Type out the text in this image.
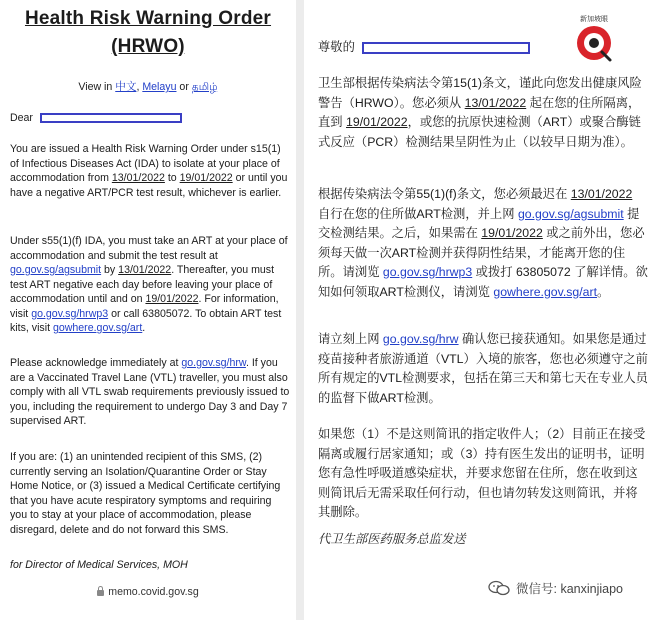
Health Risk Warning Order
(HRWO)
View in 中文, Melayu or தமிழ்
Dear
You are issued a Health Risk Warning Order under s15(1) of Infectious Diseases Act (IDA) to isolate at your place of accommodation from 13/01/2022 to 19/01/2022 or until you have a negative ART/PCR test result, whichever is earlier.
Under s55(1)(f) IDA, you must take an ART at your place of accommodation and submit the test result at go.gov.sg/agsubmit by 13/01/2022. Thereafter, you must test ART negative each day before leaving your place of accommodation until and on 19/01/2022. For information, visit go.gov.sg/hrwp3 or call 63805072. To obtain ART test kits, visit gowhere.gov.sg/art.
Please acknowledge immediately at go.gov.sg/hrw. If you are a Vaccinated Travel Lane (VTL) traveller, you must also comply with all VTL swab requirements previously issued to you, including the requirement to undergo Day 3 and Day 7 supervised ART.
If you are: (1) an unintended recipient of this SMS, (2) currently serving an Isolation/Quarantine Order or Stay Home Notice, or (3) issued a Medical Certificate certifying that you have acute respiratory symptoms and requiring you to stay at your place of accommodation, please disregard, delete and do not forward this SMS.
for Director of Medical Services, MOH
memo.covid.gov.sg
尊敬的
卫生部根据传染病法令第15(1)条文，谨此向您发出健康风险警告（HRWO）。您必须从 13/01/2022 起在您的住所隔离，直到 19/01/2022，或您的抗原快速检测（ART）或聚合酶链式反应（PCR）检测结果呈阴性为止（以较早日期为准）。
根据传染病法令第55(1)(f)条文，您必须最迟在 13/01/2022 自行在您的住所做ART检测，并上网 go.gov.sg/agsubmit 提交检测结果。之后，如果需在 19/01/2022 或之前外出，您必须每天做一次ART检测并获得阴性结果，才能离开您的住所。请浏览 go.gov.sg/hrwp3 或拨打 63805072 了解详情。欲知如何领取ART检测仪，请浏览 gowhere.gov.sg/art。
请立刻上网 go.gov.sg/hrw 确认您已接获通知。如果您是通过疫苗接种者旅游通道（VTL）入境的旅客，您也必须遵守之前所有规定的VTL检测要求，包括在第三天和第七天在专业人员的监督下做ART检测。
如果您（1）不是这则简讯的指定收件人；（2）目前正在接受隔离或履行居家通知；或（3）持有医生发出的证明书，证明您有急性呼吸道感染症状，并要求您留在住所，您在收到这则简讯后无需采取任何行动，但也请勿转发这则简讯，并将其删除。
代卫生部医药服务总监发送
新加坡眼
微信号: kanxinjiapo
